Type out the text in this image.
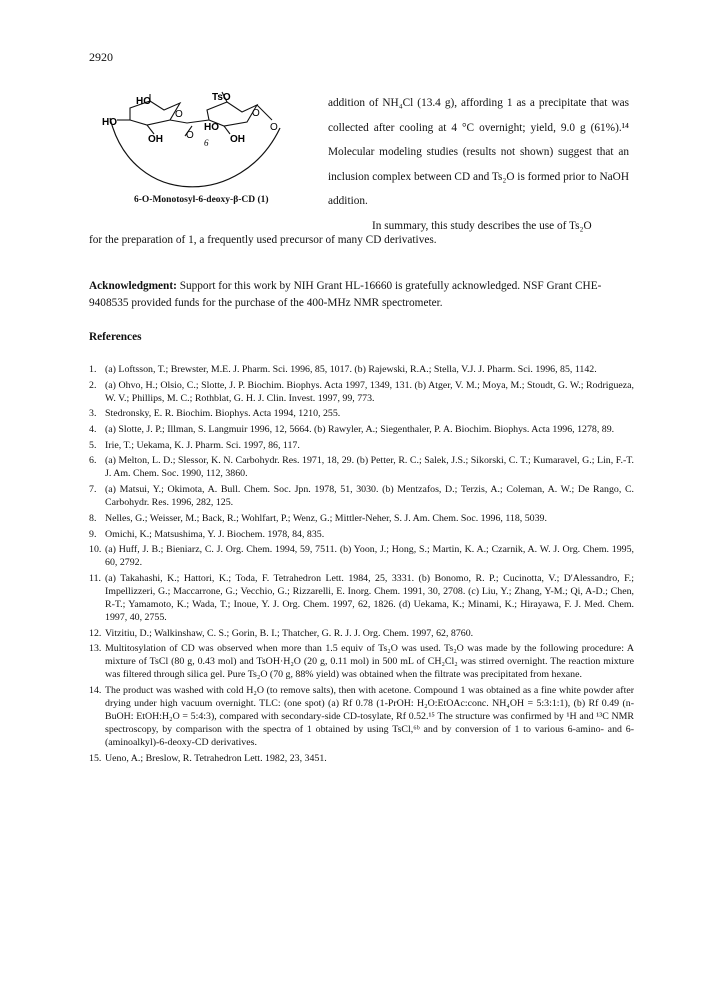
2920
HO	TsO
O	O
HO
OH O
6
HO
OH
O
6-O-Monotosyl-6-deoxy-β-CD (1)

addition of NH₄Cl (13.4 g), affording 1 as a precipitate that was collected after cooling at 4 °C overnight; yield, 9.0 g (61%).¹⁴ Molecular modeling studies (results not shown) suggest that an inclusion complex between CD and Ts₂O is formed prior to NaOH addition.

In summary, this study describes the use of Ts₂O

for the preparation of 1, a frequently used precursor of many CD derivatives.
Acknowledgment: Support for this work by NIH Grant HL-16660 is gratefully acknowledged. NSF Grant CHE-9408535 provided funds for the purchase of the 400-MHz NMR spectrometer.
References
1. (a) Loftsson, T.; Brewster, M.E. J. Pharm. Sci. 1996, 85, 1017. (b) Rajewski, R.A.; Stella, V.J. J. Pharm. Sci. 1996, 85, 1142.
2. (a) Ohvo, H.; Olsio, C.; Slotte, J. P. Biochim. Biophys. Acta 1997, 1349, 131. (b) Atger, V. M.; Moya, M.; Stoudt, G. W.; Rodrigueza, W. V.; Phillips, M. C.; Rothblat, G. H. J. Clin. Invest. 1997, 99, 773.
3. Stedronsky, E. R. Biochim. Biophys. Acta 1994, 1210, 255.
4. (a) Slotte, J. P.; Illman, S. Langmuir 1996, 12, 5664. (b) Rawyler, A.; Siegenthaler, P. A. Biochim. Biophys. Acta 1996, 1278, 89.
5. Irie, T.; Uekama, K. J. Pharm. Sci. 1997, 86, 117.
6. (a) Melton, L. D.; Slessor, K. N. Carbohydr. Res. 1971, 18, 29. (b) Petter, R. C.; Salek, J.S.; Sikorski, C. T.; Kumaravel, G.; Lin, F.-T. J. Am. Chem. Soc. 1990, 112, 3860.
7. (a) Matsui, Y.; Okimota, A. Bull. Chem. Soc. Jpn. 1978, 51, 3030. (b) Mentzafos, D.; Terzis, A.; Coleman, A. W.; De Rango, C. Carbohydr. Res. 1996, 282, 125.
8. Nelles, G.; Weisser, M.; Back, R.; Wohlfart, P.; Wenz, G.; Mittler-Neher, S. J. Am. Chem. Soc. 1996, 118, 5039.
9. Omichi, K.; Matsushima, Y. J. Biochem. 1978, 84, 835.
10. (a) Huff, J. B.; Bieniarz, C. J. Org. Chem. 1994, 59, 7511. (b) Yoon, J.; Hong, S.; Martin, K. A.; Czarnik, A. W. J. Org. Chem. 1995, 60, 2792.
11. (a) Takahashi, K.; Hattori, K.; Toda, F. Tetrahedron Lett. 1984, 25, 3331. (b) Bonomo, R. P.; Cucinotta, V.; D'Alessandro, F.; Impellizzeri, G.; Maccarrone, G.; Vecchio, G.; Rizzarelli, E. Inorg. Chem. 1991, 30, 2708. (c) Liu, Y.; Zhang, Y-M.; Qi, A-D.; Chen, R-T.; Yamamoto, K.; Wada, T.; Inoue, Y. J. Org. Chem. 1997, 62, 1826. (d) Uekama, K.; Minami, K.; Hirayawa, F. J. Med. Chem. 1997, 40, 2755.
12. Vitzitiu, D.; Walkinshaw, C. S.; Gorin, B. I.; Thatcher, G. R. J. J. Org. Chem. 1997, 62, 8760.
13. Multitosylation of CD was observed when more than 1.5 equiv of Ts₂O was used. Ts₂O was made by the following procedure: A mixture of TsCl (80 g, 0.43 mol) and TsOH·H₂O (20 g, 0.11 mol) in 500 mL of CH₂Cl₂ was stirred overnight. The reaction mixture was filtered through silica gel. Pure Ts₂O (70 g, 88% yield) was obtained when the filtrate was precipitated from hexane.
14. The product was washed with cold H₂O (to remove salts), then with acetone. Compound 1 was obtained as a fine white powder after drying under high vacuum overnight. TLC: (one spot) (a) Rf 0.78 (1-PrOH: H₂O:EtOAc:conc. NH₄OH = 5:3:1:1), (b) Rf 0.49 (n-BuOH: EtOH:H₂O = 5:4:3), compared with secondary-side CD-tosylate, Rf 0.52.¹⁵ The structure was confirmed by ¹H and ¹³C NMR spectroscopy, by comparison with the spectra of 1 obtained by using TsCl,⁶ᵇ and by conversion of 1 to various 6-amino- and 6-(aminoalkyl)-6-deoxy-CD derivatives.
15. Ueno, A.; Breslow, R. Tetrahedron Lett. 1982, 23, 3451.
